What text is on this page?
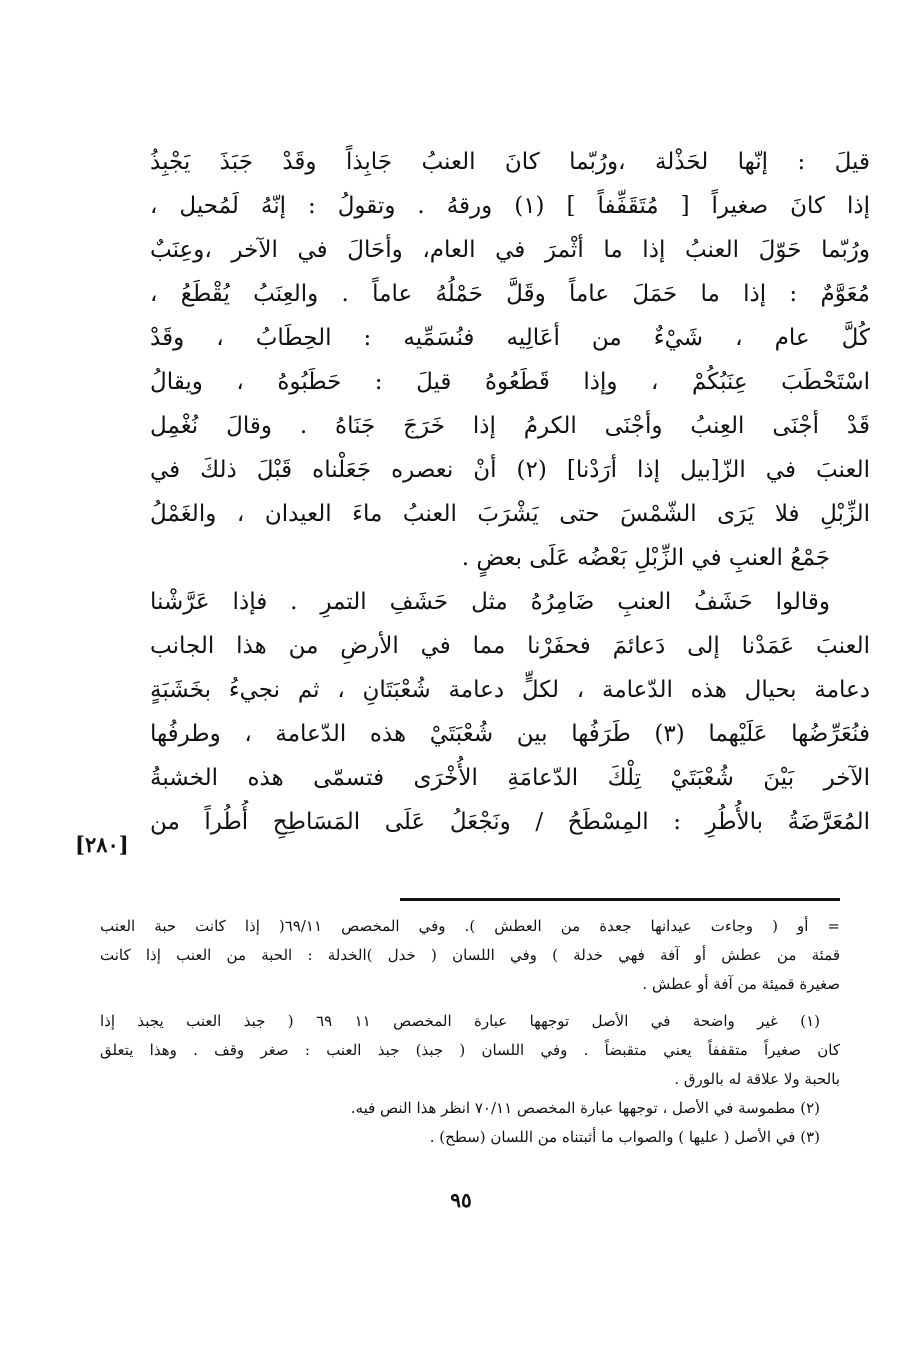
قيلَ : إنّها لحَذْلة ،ورُبّما كانَ العنبُ جَابِذاً وقَدْ جَبَذَ يَجْبِذُ
إذا كانَ صغيراً [ مُتَقَفِّفاً ] (١) ورقهُ . وتقولُ : إنّهُ لَمُحيل ،
ورُبّما حَوّلَ العنبُ إذا ما أثْمرَ في العام، وأحَالَ في الآخر ،وعِنَبٌ
مُعَوَّمٌ : إذا ما حَمَلَ عاماً وقَلَّ حَمْلُهُ عاماً . والعِنَبُ يُقْطَعُ ،
كُلَّ عام ، شَيْءٌ من أعَالِيه فنُسَمِّيه : الحِطَابُ ، وقَدْ
اسْتَحْطَبَ عِنَبُكُمْ ، وإذا قَطَعُوهُ قيلَ : حَطَبُوهُ ، ويقالُ
قَدْ أجْنَى العِنبُ وأجْنَى الكرمُ إذا خَرَجَ جَنَاهُ . وقالَ نُغْمِل
العنبَ في الزّ[بيل إذا أرَدْنا] (٢) أنْ نعصره جَعَلْناه قَبْلَ ذلكَ في
الزِّبْلِ فلا يَرَى الشّمْسَ حتى يَشْرَبَ العنبُ ماءَ العيدان ، والغَمْلُ
جَمْعُ العنبِ في الزِّبْلِ بَعْضُه عَلَى بعضٍ .
وقالوا حَشَفُ العنبِ ضَامِرُهُ مثل حَشَفِ التمرِ . فإذا عَرَّشْنا
العنبَ عَمَدْنا إلى دَعائمَ فحفَرْنا مما في الأرضِ من هذا الجانب
دعامة بحيال هذه الدّعامة ، لكلٍّ دعامة شُعْبَتَانِ ، ثم نجيءُ بخَشَبَةٍ
فنُعَرِّضُها عَلَيْهما (٣) طَرَفُها بين شُعْبَتَيْ هذه الدّعامة ، وطرفُها
الآخر بَيْنَ شُعْبَتَيْ تِلْكَ الدّعامَةِ الأُخْرَى فتسمّى هذه الخشبةُ
المُعَرَّضَةُ بالأُطُرِ : المِسْطَحُ / ونَجْعَلُ عَلَى المَسَاطِحِ أُطُراً من
[٢٨٠]
= أو ( وجاءت عيدانها جعدة من العطش ). وفي المخصص ٦٩/١١( إذا كانت حبة العنب
قمئة من عطش أو آفة فهي خدلة ) وفي اللسان ( خدل )الخدلة : الحبة من العنب إذا كانت
صغيرة قميئة من آفة أو عطش .
(١) غير واضحة في الأصل توجهها عبارة المخصص ١١ ٦٩ ( جبذ العنب يجبذ إذا
كان صغيراً متقففاً يعني متقبضاً . وفي اللسان ( جبذ) جبذ العنب : صغر وقف . وهذا يتعلق
بالحبة ولا علاقة له بالورق .
(٢) مطموسة في الأصل ، توجهها عبارة المخصص ٧٠/١١ انظر هذا النص فيه.
(٣) في الأصل ( عليها ) والصواب ما أثبتناه من اللسان (سطح) .
٩٥
